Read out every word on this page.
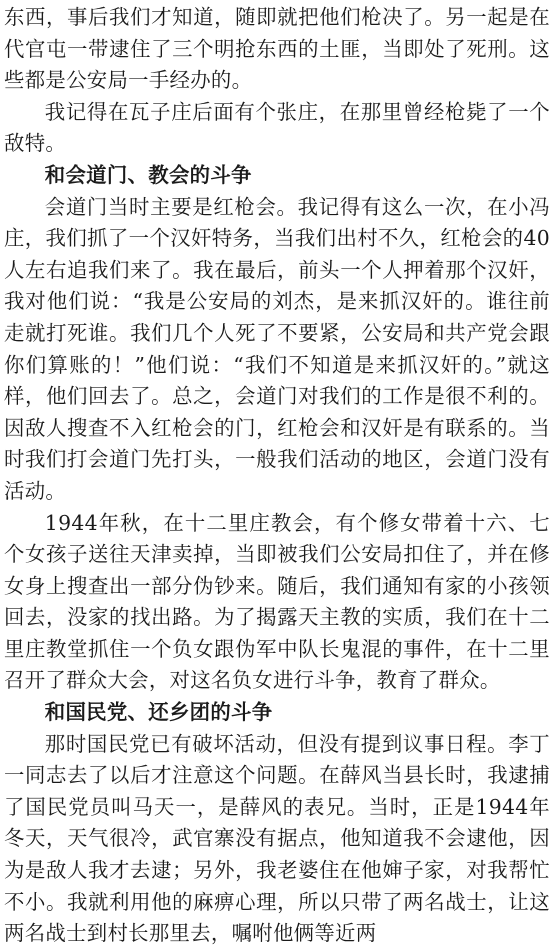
东西，事后我们才知道，随即就把他们枪决了。另一起是在代官屯一带逮住了三个明抢东西的土匪，当即处了死刑。这些都是公安局一手经办的。

我记得在瓦子庄后面有个张庄，在那里曾经枪毙了一个敌特。

和会道门、教会的斗争

会道门当时主要是红枪会。我记得有这么一次，在小冯庄，我们抓了一个汉奸特务，当我们出村不久，红枪会的40人左右追我们来了。我在最后，前头一个人押着那个汉奸，我对他们说：“我是公安局的刘杰，是来抓汉奸的。谁往前走就打死谁。我们几个人死了不要紧，公安局和共产党会跟你们算账的！”他们说：“我们不知道是来抓汉奸的。”就这样，他们回去了。总之，会道门对我们的工作是很不利的。因敌人搜查不入红枪会的门，红枪会和汉奸是有联系的。当时我们打会道门先打头，一般我们活动的地区，会道门没有活动。

1944年秋，在十二里庄教会，有个修女带着十六、七个女孩子送往天津卖掉，当即被我们公安局扣住了，并在修女身上搜查出一部分伪钞来。随后，我们通知有家的小孩领回去，没家的找出路。为了揭露天主教的实质，我们在十二里庄教堂抓住一个负女跟伪军中队长鬼混的事件，在十二里召开了群众大会，对这名负女进行斗争，教育了群众。

和国民党、还乡团的斗争

那时国民党已有破坏活动，但没有提到议事日程。李丁一同志去了以后才注意这个问题。在薛风当县长时，我逮捕了国民党员叫马天一，是薛风的表兄。当时，正是1944年冬天，天气很冷，武官寨没有据点，他知道我不会逮他，因为是敌人我才去逮；另外，我老婆住在他婶子家，对我帮忙不小。我就利用他的麻痹心理，所以只带了两名战士，让这两名战士到村长那里去，嘱咐他俩等近两
